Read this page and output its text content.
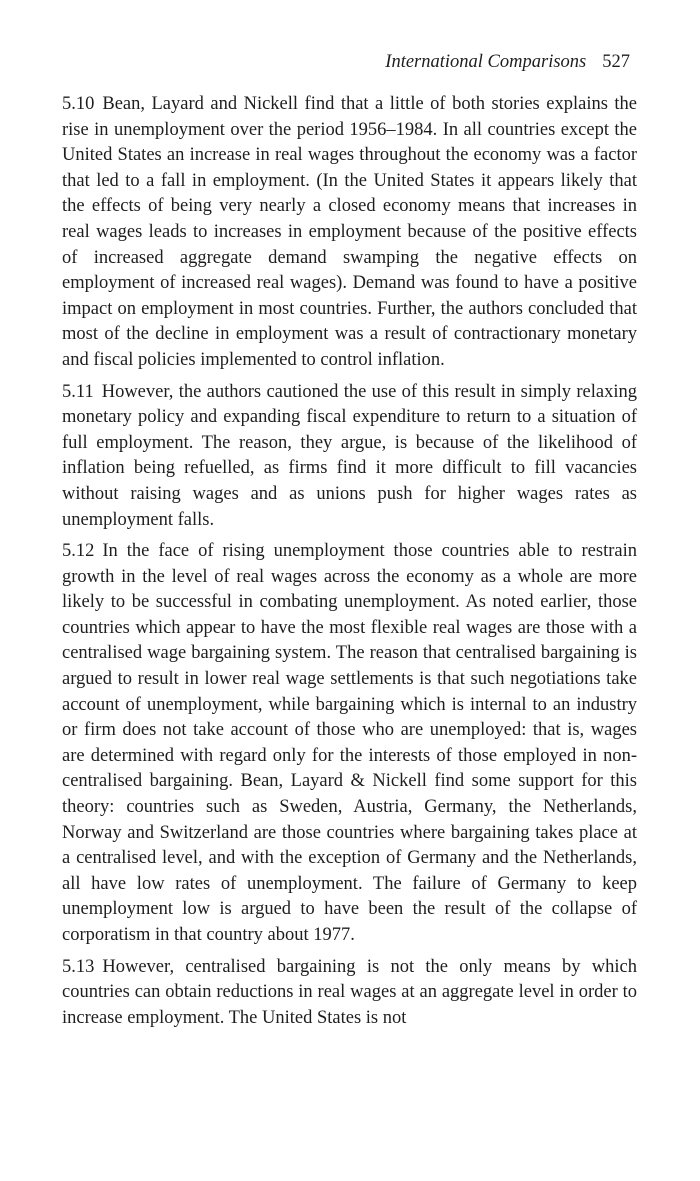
International Comparisons 527

5.10 Bean, Layard and Nickell find that a little of both stories explains the rise in unemployment over the period 1956–1984. In all countries except the United States an increase in real wages throughout the economy was a factor that led to a fall in employment. (In the United States it appears likely that the effects of being very nearly a closed economy means that increases in real wages leads to increases in employment because of the positive effects of increased aggregate demand swamping the negative effects on employment of increased real wages). Demand was found to have a positive impact on employment in most countries. Further, the authors concluded that most of the decline in employment was a result of contractionary monetary and fiscal policies implemented to control inflation.

5.11 However, the authors cautioned the use of this result in simply relaxing monetary policy and expanding fiscal expenditure to return to a situation of full employment. The reason, they argue, is because of the likelihood of inflation being refuelled, as firms find it more difficult to fill vacancies without raising wages and as unions push for higher wages rates as unemployment falls.

5.12 In the face of rising unemployment those countries able to restrain growth in the level of real wages across the economy as a whole are more likely to be successful in combating unemployment. As noted earlier, those countries which appear to have the most flexible real wages are those with a centralised wage bargaining system. The reason that centralised bargaining is argued to result in lower real wage settlements is that such negotiations take account of unemployment, while bargaining which is internal to an industry or firm does not take account of those who are unemployed: that is, wages are determined with regard only for the interests of those employed in non-centralised bargaining. Bean, Layard & Nickell find some support for this theory: countries such as Sweden, Austria, Germany, the Netherlands, Norway and Switzerland are those countries where bargaining takes place at a centralised level, and with the exception of Germany and the Netherlands, all have low rates of unemployment. The failure of Germany to keep unemployment low is argued to have been the result of the collapse of corporatism in that country about 1977.

5.13 However, centralised bargaining is not the only means by which countries can obtain reductions in real wages at an aggregate level in order to increase employment. The United States is not
